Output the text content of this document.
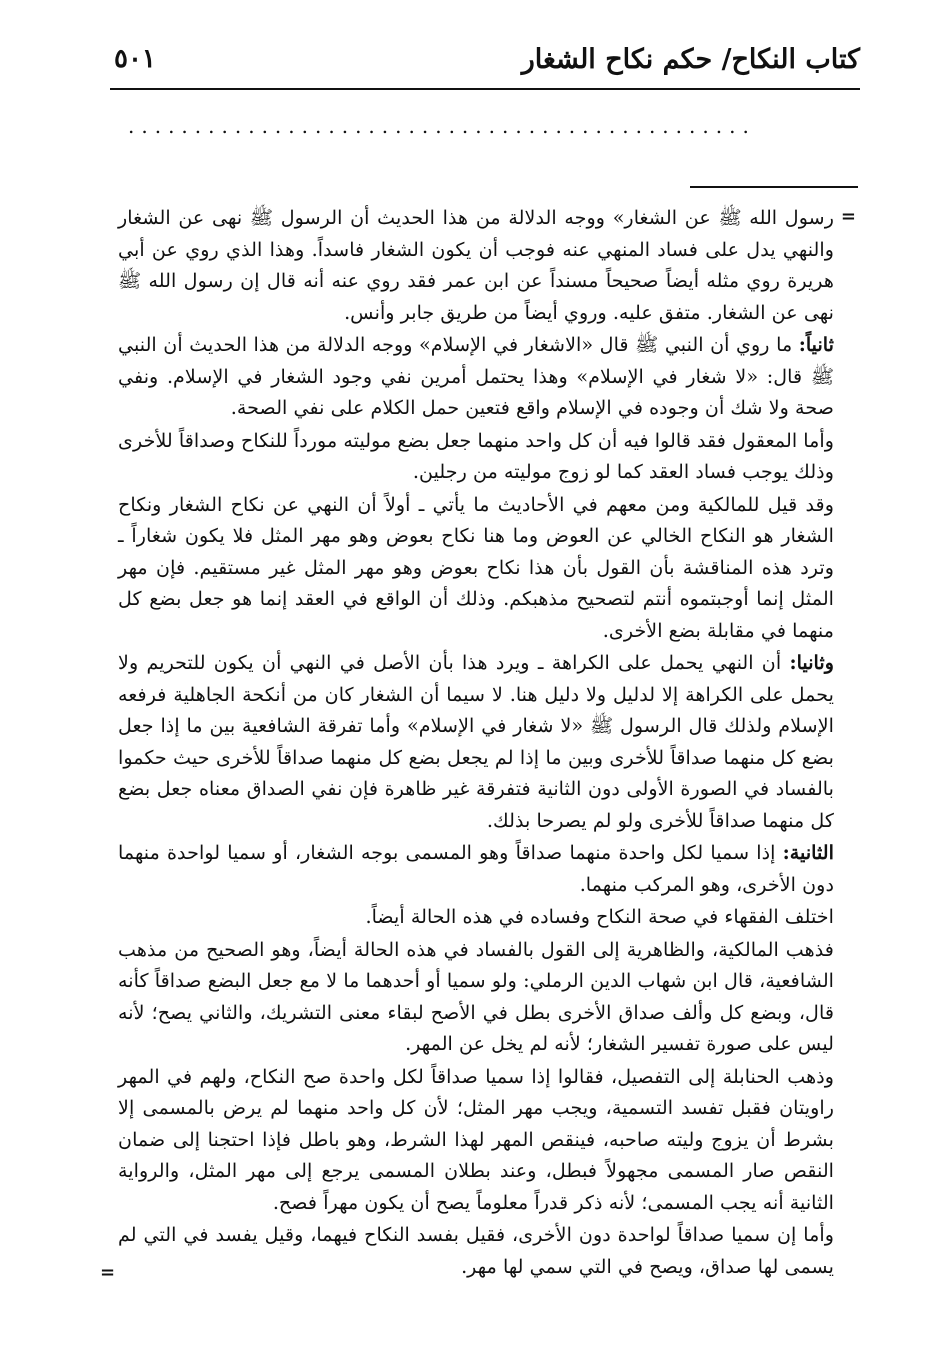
كتاب النكاح/ حكم نكاح الشغار
٥٠١
...............................................
=
=

رسول الله ﷺ عن الشغار» ووجه الدلالة من هذا الحديث أن الرسول ﷺ نهى عن الشغار والنهي يدل على فساد المنهي عنه فوجب أن يكون الشغار فاسداً. وهذا الذي روي عن أبي هريرة روي مثله أيضاً صحيحاً مسنداً عن ابن عمر فقد روي عنه أنه قال إن رسول الله ﷺ نهى عن الشغار. متفق عليه. وروي أيضاً من طريق جابر وأنس.

ثانياً: ما روي أن النبي ﷺ قال «الاشغار في الإسلام» ووجه الدلالة من هذا الحديث أن النبي ﷺ قال: «لا شغار في الإسلام» وهذا يحتمل أمرين نفي وجود الشغار في الإسلام. ونفي صحة ولا شك أن وجوده في الإسلام واقع فتعين حمل الكلام على نفي الصحة.

وأما المعقول فقد قالوا فيه أن كل واحد منهما جعل بضع موليته مورداً للنكاح وصداقاً للأخرى وذلك يوجب فساد العقد كما لو زوج موليته من رجلين.

وقد قيل للمالكية ومن معهم في الأحاديث ما يأتي ـ أولاً أن النهي عن نكاح الشغار ونكاح الشغار هو النكاح الخالي عن العوض وما هنا نكاح بعوض وهو مهر المثل فلا يكون شغاراً ـ وترد هذه المناقشة بأن القول بأن هذا نكاح بعوض وهو مهر المثل غير مستقيم. فإن مهر المثل إنما أوجبتموه أنتم لتصحيح مذهبكم. وذلك أن الواقع في العقد إنما هو جعل بضع كل منهما في مقابلة بضع الأخرى.

وثانيا: أن النهي يحمل على الكراهة ـ ويرد هذا بأن الأصل في النهي أن يكون للتحريم ولا يحمل على الكراهة إلا لدليل ولا دليل هنا. لا سيما أن الشغار كان من أنكحة الجاهلية فرفعه الإسلام ولذلك قال الرسول ﷺ «لا شغار في الإسلام» وأما تفرقة الشافعية بين ما إذا جعل بضع كل منهما صداقاً للأخرى وبين ما إذا لم يجعل بضع كل منهما صداقاً للأخرى حيث حكموا بالفساد في الصورة الأولى دون الثانية فتفرقة غير ظاهرة فإن نفي الصداق معناه جعل بضع كل منهما صداقاً للأخرى ولو لم يصرحا بذلك.

الثانية: إذا سميا لكل واحدة منهما صداقاً وهو المسمى بوجه الشغار، أو سميا لواحدة منهما دون الأخرى، وهو المركب منهما.

اختلف الفقهاء في صحة النكاح وفساده في هذه الحالة أيضاً.

فذهب المالكية، والظاهرية إلى القول بالفساد في هذه الحالة أيضاً، وهو الصحيح من مذهب الشافعية، قال ابن شهاب الدين الرملي: ولو سميا أو أحدهما ما لا مع جعل البضع صداقاً كأنه قال، وبضع كل وألف صداق الأخرى بطل في الأصح لبقاء معنى التشريك، والثاني يصح؛ لأنه ليس على صورة تفسير الشغار؛ لأنه لم يخل عن المهر.

وذهب الحنابلة إلى التفصيل، فقالوا إذا سميا صداقاً لكل واحدة صح النكاح، ولهم في المهر راويتان فقبل تفسد التسمية، ويجب مهر المثل؛ لأن كل واحد منهما لم يرض بالمسمى إلا بشرط أن يزوج وليته صاحبه، فينقص المهر لهذا الشرط، وهو باطل فإذا احتجنا إلى ضمان النقص صار المسمى مجهولاً فبطل، وعند بطلان المسمى يرجع إلى مهر المثل، والرواية الثانية أنه يجب المسمى؛ لأنه ذكر قدراً معلوماً يصح أن يكون مهراً فصح.

وأما إن سميا صداقاً لواحدة دون الأخرى، فقيل بفسد النكاح فيهما، وقيل يفسد في التي لم يسمى لها صداق، ويصح في التي سمي لها مهر.
